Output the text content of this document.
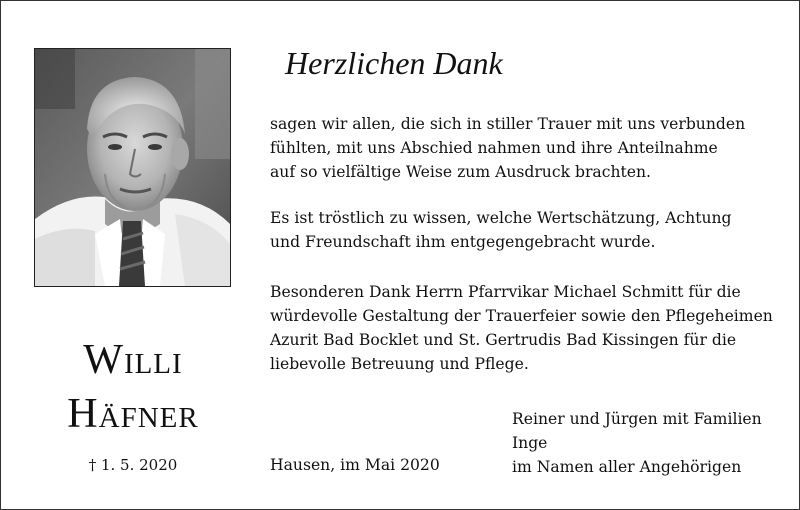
Willi
Häfner
† 1. 5. 2020
Herzlichen Dank
sagen wir allen, die sich in stiller Trauer mit uns verbunden
fühlten, mit uns Abschied nahmen und ihre Anteilnahme
auf so vielfältige Weise zum Ausdruck brachten.
Es ist tröstlich zu wissen, welche Wertschätzung, Achtung
und Freundschaft ihm entgegengebracht wurde.
Besonderen Dank Herrn Pfarrvikar Michael Schmitt für die
würdevolle Gestaltung der Trauerfeier sowie den Pflegeheimen
Azurit Bad Bocklet und St. Gertrudis Bad Kissingen für die
liebevolle Betreuung und Pflege.
Hausen, im Mai 2020
Reiner und Jürgen mit Familien
Inge
im Namen aller Angehörigen
